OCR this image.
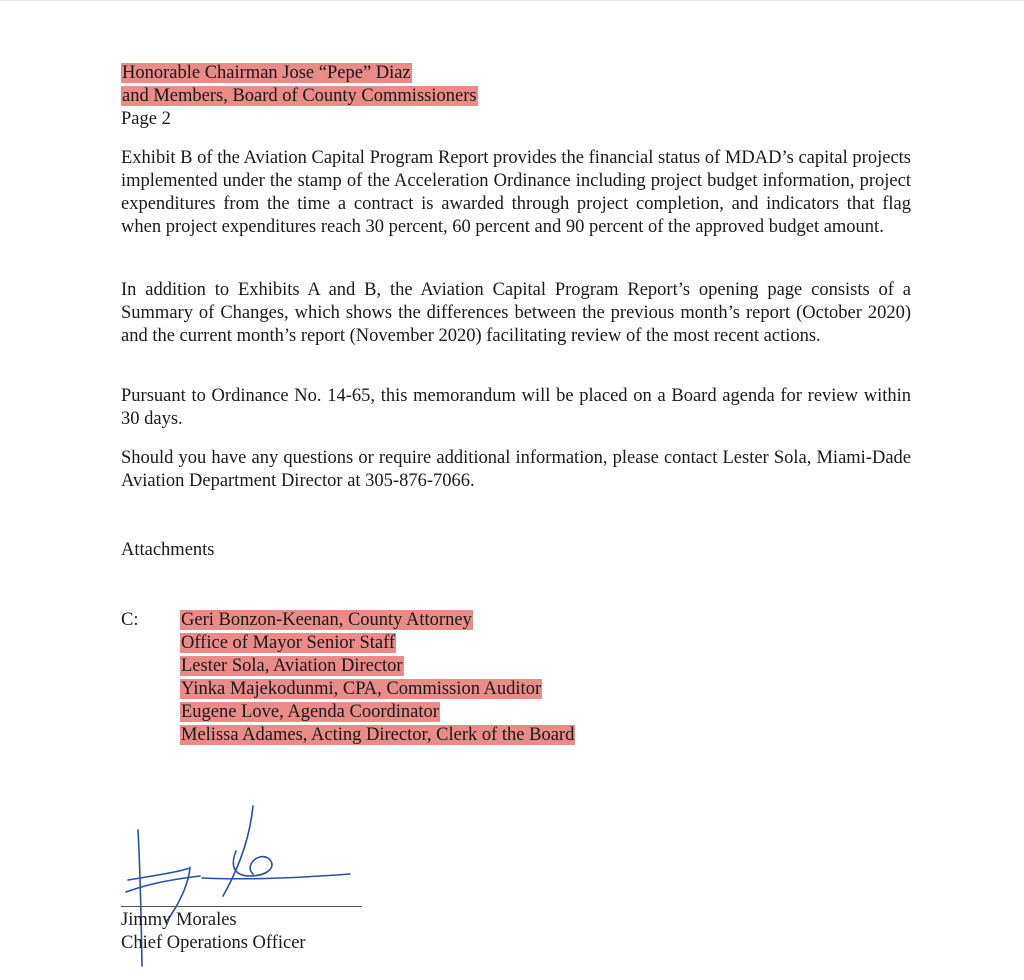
Honorable Chairman Jose “Pepe” Diaz
and Members, Board of County Commissioners
Page 2

Exhibit B of the Aviation Capital Program Report provides the financial status of MDAD’s capital projects implemented under the stamp of the Acceleration Ordinance including project budget information, project expenditures from the time a contract is awarded through project completion, and indicators that flag when project expenditures reach 30 percent, 60 percent and 90 percent of the approved budget amount.

In addition to Exhibits A and B, the Aviation Capital Program Report’s opening page consists of a Summary of Changes, which shows the differences between the previous month’s report (October 2020) and the current month’s report (November 2020) facilitating review of the most recent actions.

Pursuant to Ordinance No. 14-65, this memorandum will be placed on a Board agenda for review within 30 days.

Should you have any questions or require additional information, please contact Lester Sola, Miami-Dade Aviation Department Director at 305-876-7066.

Attachments
C: Geri Bonzon-Keenan, County Attorney
Office of Mayor Senior Staff
Lester Sola, Aviation Director
Yinka Majekodunmi, CPA, Commission Auditor
Eugene Love, Agenda Coordinator
Melissa Adames, Acting Director, Clerk of the Board
Jimmy Morales
Chief Operations Officer
